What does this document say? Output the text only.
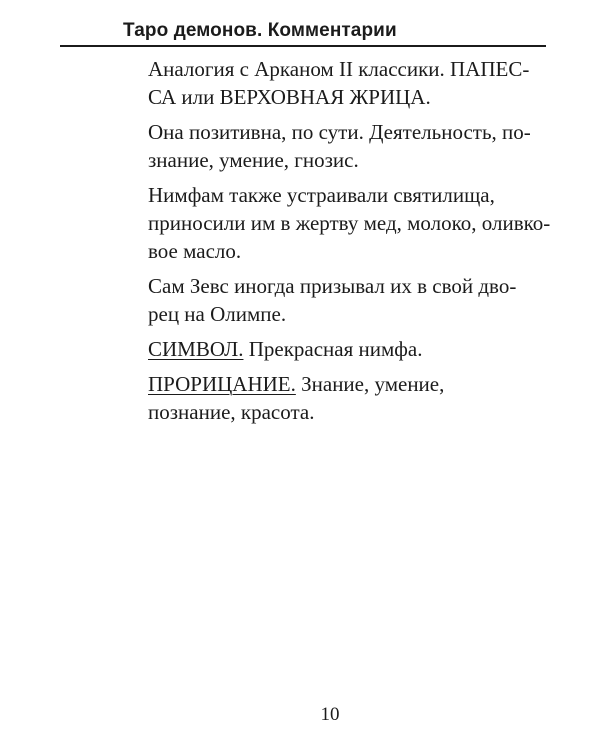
Таро демонов. Комментарии

Аналогия с Арканом II классики. ПАПЕС-
СА или ВЕРХОВНАЯ ЖРИЦА.

Она позитивна, по сути. Деятельность, по-
знание, умение, гнозис.

Нимфам также устраивали святилища,
приносили им в жертву мед, молоко, оливко-
вое масло.

Сам Зевс иногда призывал их в свой дво-
рец на Олимпе.

СИМВОЛ. Прекрасная нимфа.

ПРОРИЦАНИЕ. Знание, умение,
познание, красота.

10
